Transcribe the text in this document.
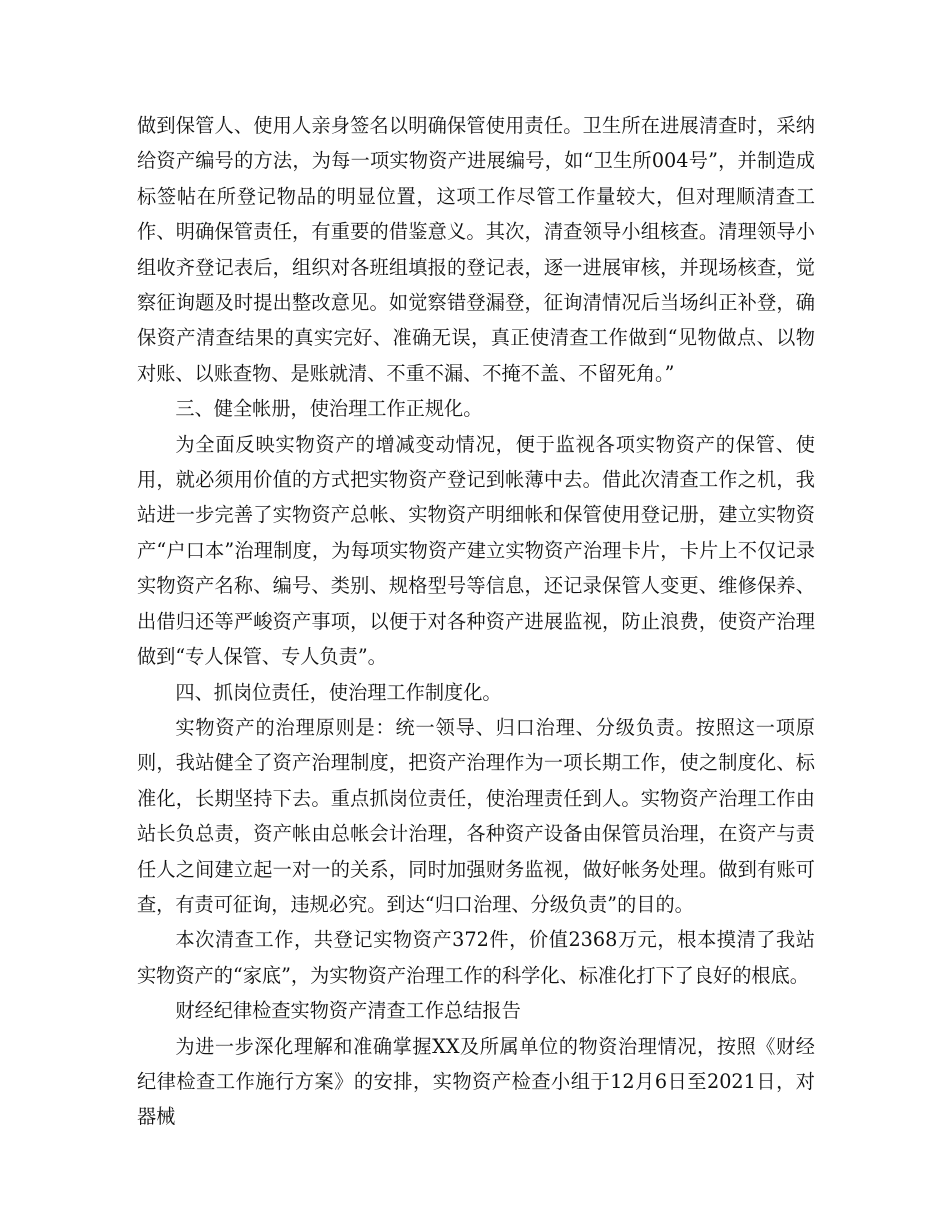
做到保管人、使用人亲身签名以明确保管使用责任。卫生所在进展清查时，采纳给资产编号的方法，为每一项实物资产进展编号，如“卫生所004号”，并制造成标签帖在所登记物品的明显位置，这项工作尽管工作量较大，但对理顺清查工作、明确保管责任，有重要的借鉴意义。其次，清查领导小组核查。清理领导小组收齐登记表后，组织对各班组填报的登记表，逐一进展审核，并现场核查，觉察征询题及时提出整改意见。如觉察错登漏登，征询清情况后当场纠正补登，确保资产清查结果的真实完好、准确无误，真正使清查工作做到“见物做点、以物对账、以账查物、是账就清、不重不漏、不掩不盖、不留死角。”

三、健全帐册，使治理工作正规化。

为全面反映实物资产的增减变动情况，便于监视各项实物资产的保管、使用，就必须用价值的方式把实物资产登记到帐薄中去。借此次清查工作之机，我站进一步完善了实物资产总帐、实物资产明细帐和保管使用登记册，建立实物资产“户口本”治理制度，为每项实物资产建立实物资产治理卡片，卡片上不仅记录实物资产名称、编号、类别、规格型号等信息，还记录保管人变更、维修保养、出借归还等严峻资产事项，以便于对各种资产进展监视，防止浪费，使资产治理做到“专人保管、专人负责”。

四、抓岗位责任，使治理工作制度化。

实物资产的治理原则是：统一领导、归口治理、分级负责。按照这一项原则，我站健全了资产治理制度，把资产治理作为一项长期工作，使之制度化、标准化，长期坚持下去。重点抓岗位责任，使治理责任到人。实物资产治理工作由站长负总责，资产帐由总帐会计治理，各种资产设备由保管员治理，在资产与责任人之间建立起一对一的关系，同时加强财务监视，做好帐务处理。做到有账可查，有责可征询，违规必究。到达“归口治理、分级负责”的目的。

本次清查工作，共登记实物资产372件，价值2368万元，根本摸清了我站实物资产的“家底”，为实物资产治理工作的科学化、标准化打下了良好的根底。

财经纪律检查实物资产清查工作总结报告

为进一步深化理解和准确掌握XX及所属单位的物资治理情况，按照《财经纪律检查工作施行方案》的安排，实物资产检查小组于12月6日至2021日，对器械
